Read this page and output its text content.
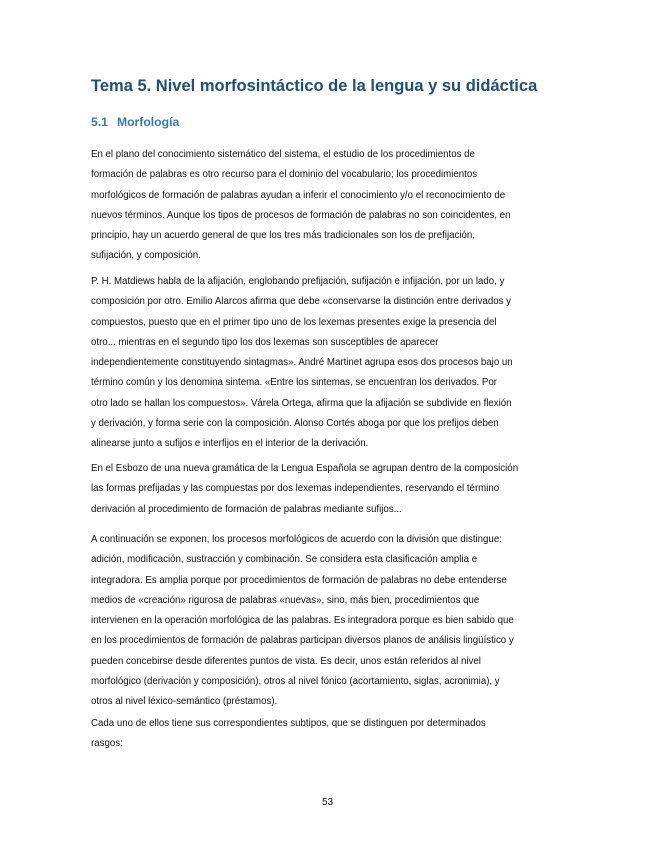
Tema 5. Nivel morfosintáctico de la lengua y su didáctica
5.1 Morfología
En el plano del conocimiento sistemático del sistema, el estudio de los procedimientos de
formación de palabras es otro recurso para el dominio del vocabulario; los procedimientos
morfológicos de formación de palabras ayudan a inferir el conocimiento y/o el reconocimiento de
nuevos términos. Aunque los tipos de procesos de formación de palabras no son coincidentes, en
principio, hay un acuerdo general de que los tres más tradicionales son los de prefijación,
sufijación, y composición.
P. H. Matdiews habla de la afijación, englobando prefijación, sufijación e infijación, por un lado, y
composición por otro. Emilio Alarcos afirma que debe «conservarse la distinción entre derivados y
compuestos, puesto que en el primer tipo uno de los lexemas presentes exige la presencia del
otro... mientras en el segundo tipo los dos lexemas son susceptibles de aparecer
independientemente constituyendo sintagmas». André Martinet agrupa esos dos procesos bajo un
término común y los denomina sintema. «Entre los sintemas, se encuentran los derivados. Por
otro lado se hallan los compuestos». Várela Ortega, afirma que la afijación se subdivide en flexión
y derivación, y forma serie con la composición. Alonso Cortés aboga por que los prefijos deben
alinearse junto a sufijos e interfijos en el interior de la derivación.
En el Esbozo de una nueva gramática de la Lengua Española se agrupan dentro de la composición
las formas prefijadas y las compuestas por dos lexemas independientes, reservando el término
derivación al procedimiento de formación de palabras mediante sufijos...
A continuación se exponen, los procesos morfológicos de acuerdo con la división que distingue:
adición, modificación, sustracción y combinación. Se considera esta clasificación amplia e
integradora. Es amplia porque por procedimientos de formación de palabras no debe entenderse
medios de «creación» rigurosa de palabras «nuevas», sino, más bien, procedimientos que
intervienen en la operación morfológica de las palabras. Es integradora porque es bien sabido que
en los procedimientos de formación de palabras participan diversos planos de análisis lingüístico y
pueden concebirse desde diferentes puntos de vista. Es decir, unos están referidos al nivel
morfológico (derivación y composición), otros al nivel fónico (acortamiento, siglas, acronimia), y
otros al nivel léxico-semántico (préstamos).
Cada uno de ellos tiene sus correspondientes subtipos, que se distinguen por determinados
rasgos:
53
